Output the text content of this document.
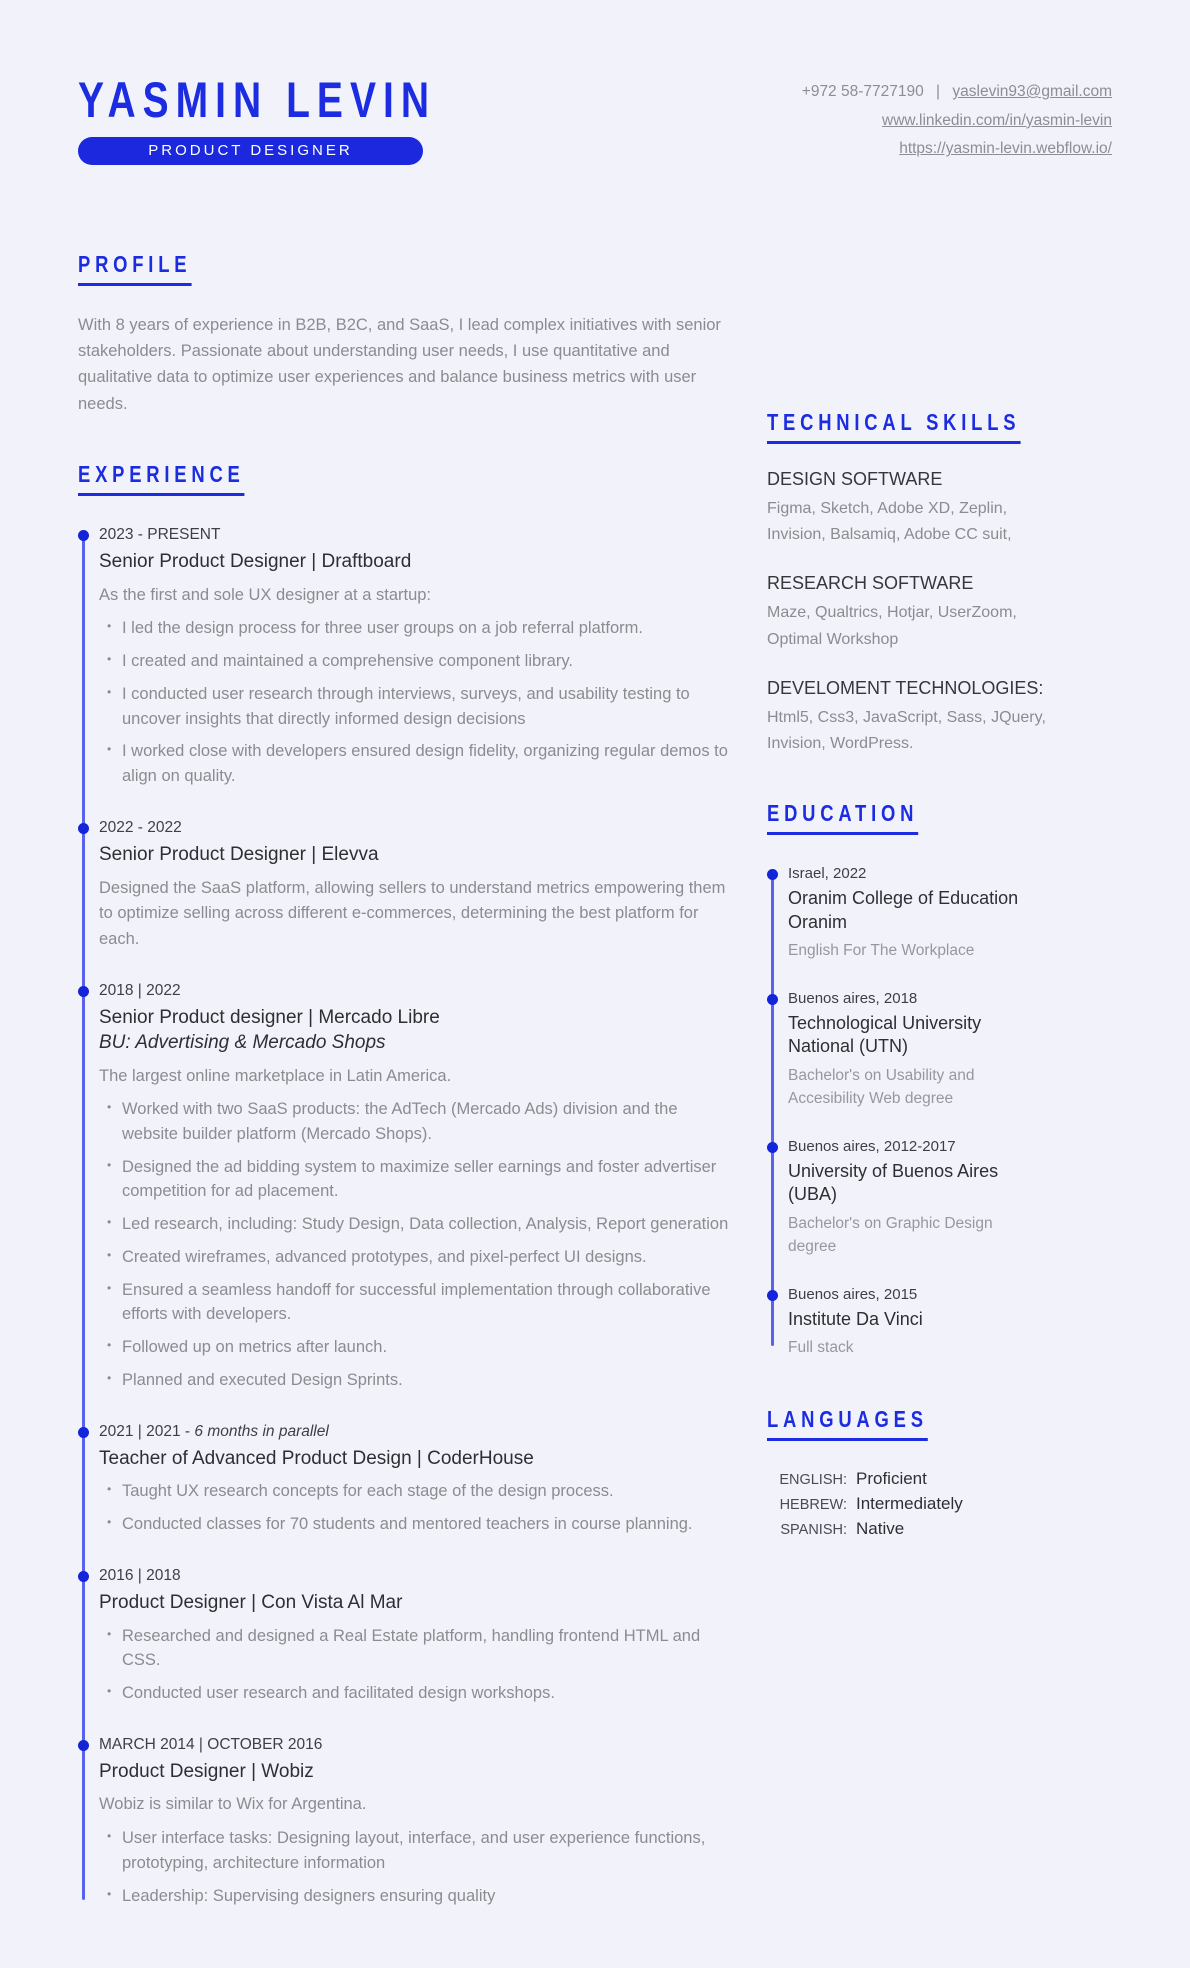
YASMIN LEVIN
PRODUCT DESIGNER
+972 58-7727190 | yaslevin93@gmail.com
www.linkedin.com/in/yasmin-levin
https://yasmin-levin.webflow.io/
PROFILE

With 8 years of experience in B2B, B2C, and SaaS, I lead complex initiatives with senior stakeholders. Passionate about understanding user needs, I use quantitative and qualitative data to optimize user experiences and balance business metrics with user needs.

EXPERIENCE
2023 - PRESENT
Senior Product Designer | Draftboard
As the first and sole UX designer at a startup:
• I led the design process for three user groups on a job referral platform.
• I created and maintained a comprehensive component library.
• I conducted user research through interviews, surveys, and usability testing to uncover insights that directly informed design decisions
• I worked close with developers ensured design fidelity, organizing regular demos to align on quality.
2022 - 2022
Senior Product Designer | Elevva
Designed the SaaS platform, allowing sellers to understand metrics empowering them to optimize selling across different e-commerces, determining the best platform for each.
2018 | 2022
Senior Product designer | Mercado Libre
BU: Advertising & Mercado Shops
The largest online marketplace in Latin America.
• Worked with two SaaS products: the AdTech (Mercado Ads) division and the website builder platform (Mercado Shops).
• Designed the ad bidding system to maximize seller earnings and foster advertiser competition for ad placement.
• Led research, including: Study Design, Data collection, Analysis, Report generation
• Created wireframes, advanced prototypes, and pixel-perfect UI designs.
• Ensured a seamless handoff for successful implementation through collaborative efforts with developers.
• Followed up on metrics after launch.
• Planned and executed Design Sprints.
2021 | 2021 - 6 months in parallel
Teacher of Advanced Product Design | CoderHouse
• Taught UX research concepts for each stage of the design process.
• Conducted classes for 70 students and mentored teachers in course planning.
2016 | 2018
Product Designer | Con Vista Al Mar
• Researched and designed a Real Estate platform, handling frontend HTML and CSS.
• Conducted user research and facilitated design workshops.
MARCH 2014 | OCTOBER 2016
Product Designer | Wobiz
Wobiz is similar to Wix for Argentina.
• User interface tasks: Designing layout, interface, and user experience functions, prototyping, architecture information
• Leadership: Supervising designers ensuring quality
TECHNICAL SKILLS
DESIGN SOFTWARE
Figma, Sketch, Adobe XD, Zeplin, Invision, Balsamiq, Adobe CC suit,
RESEARCH SOFTWARE
Maze, Qualtrics, Hotjar, UserZoom, Optimal Workshop
DEVELOMENT TECHNOLOGIES:
Html5, Css3, JavaScript, Sass, JQuery, Invision, WordPress.
EDUCATION
Israel, 2022
Oranim College of Education Oranim
English For The Workplace
Buenos aires, 2018
Technological University National (UTN)
Bachelor's on Usability and Accesibility Web degree
Buenos aires, 2012-2017
University of Buenos Aires (UBA)
Bachelor's on Graphic Design degree
Buenos aires, 2015
Institute Da Vinci
Full stack
LANGUAGES
ENGLISH: Proficient
HEBREW: Intermediately
SPANISH: Native
